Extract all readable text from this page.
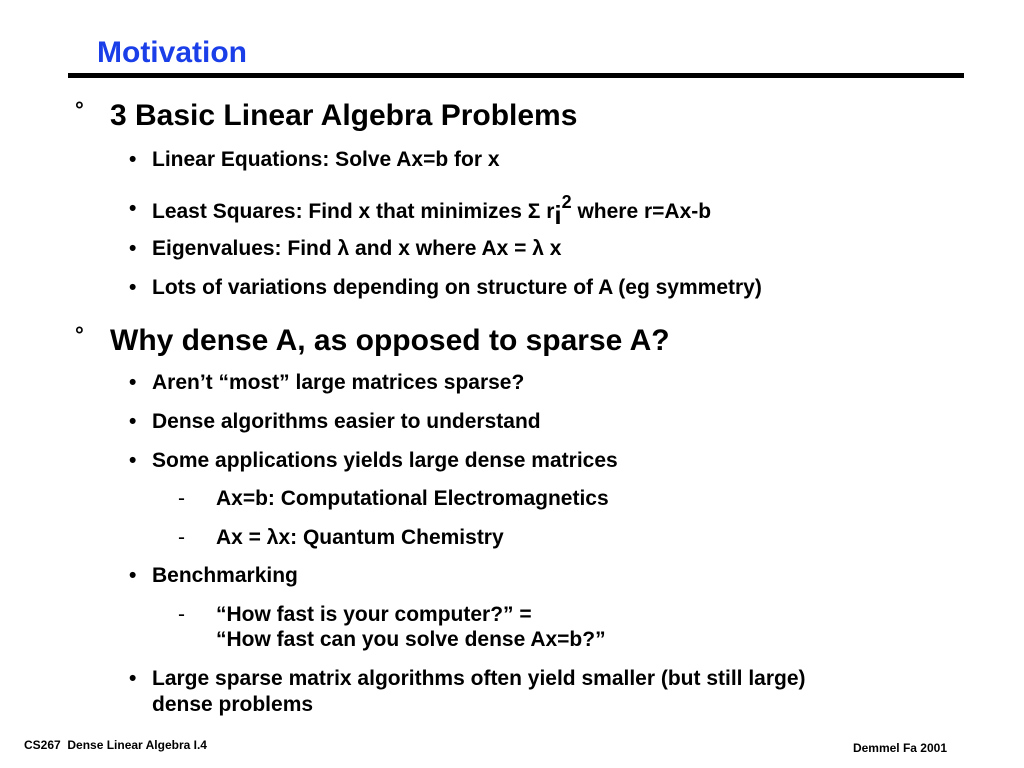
Motivation
° 3 Basic Linear Algebra Problems
• Linear Equations: Solve Ax=b for x
• Least Squares: Find x that minimizes Σ ri2 where r=Ax-b
• Eigenvalues: Find λ and x where Ax = λ x
• Lots of variations depending on structure of A (eg symmetry)
° Why dense A, as opposed to sparse A?
• Aren’t “most” large matrices sparse?
• Dense algorithms easier to understand
• Some applications yields large dense matrices
- Ax=b: Computational Electromagnetics
- Ax = λx: Quantum Chemistry
• Benchmarking
- “How fast is your computer?” =
“How fast can you solve dense Ax=b?”
• Large sparse matrix algorithms often yield smaller (but still large)
dense problems
CS267  Dense Linear Algebra I.4	Demmel Fa 2001
